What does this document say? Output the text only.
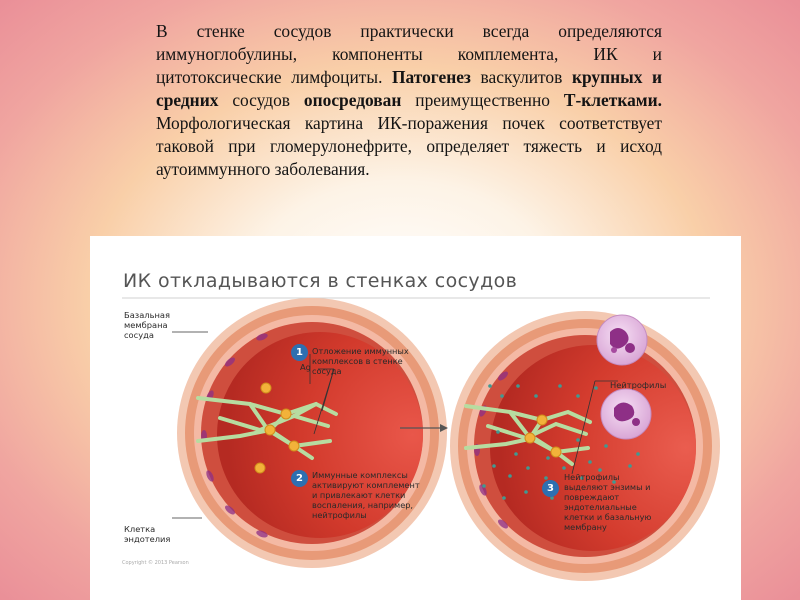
В стенке сосудов практически всегда определяются иммуноглобулины, компоненты комплемента, ИК и цитотоксические лимфоциты. Патогенез васкулитов крупных и средних сосудов опосредован преимущественно Т-клетками. Морфологическая картина ИК-поражения почек соответствует таковой при гломерулонефрите, определяет тяжесть и исход аутоиммунного заболевания.

ИК откладываются в стенках сосудов
Базальная
мембрана
сосуда
Ag
Клетка
эндотелия
Нейтрофилы
1	Отложение иммунных
комплексов в стенке
сосуда
2	Иммунные комплексы
активируют комплемент
и привлекают клетки
воспаления, например,
нейтрофилы
3
Нейтрофилы
выделяют энзимы и
повреждают
эндотелиальные
клетки и базальную
мембрану
Copyright © 2013 Pearson
